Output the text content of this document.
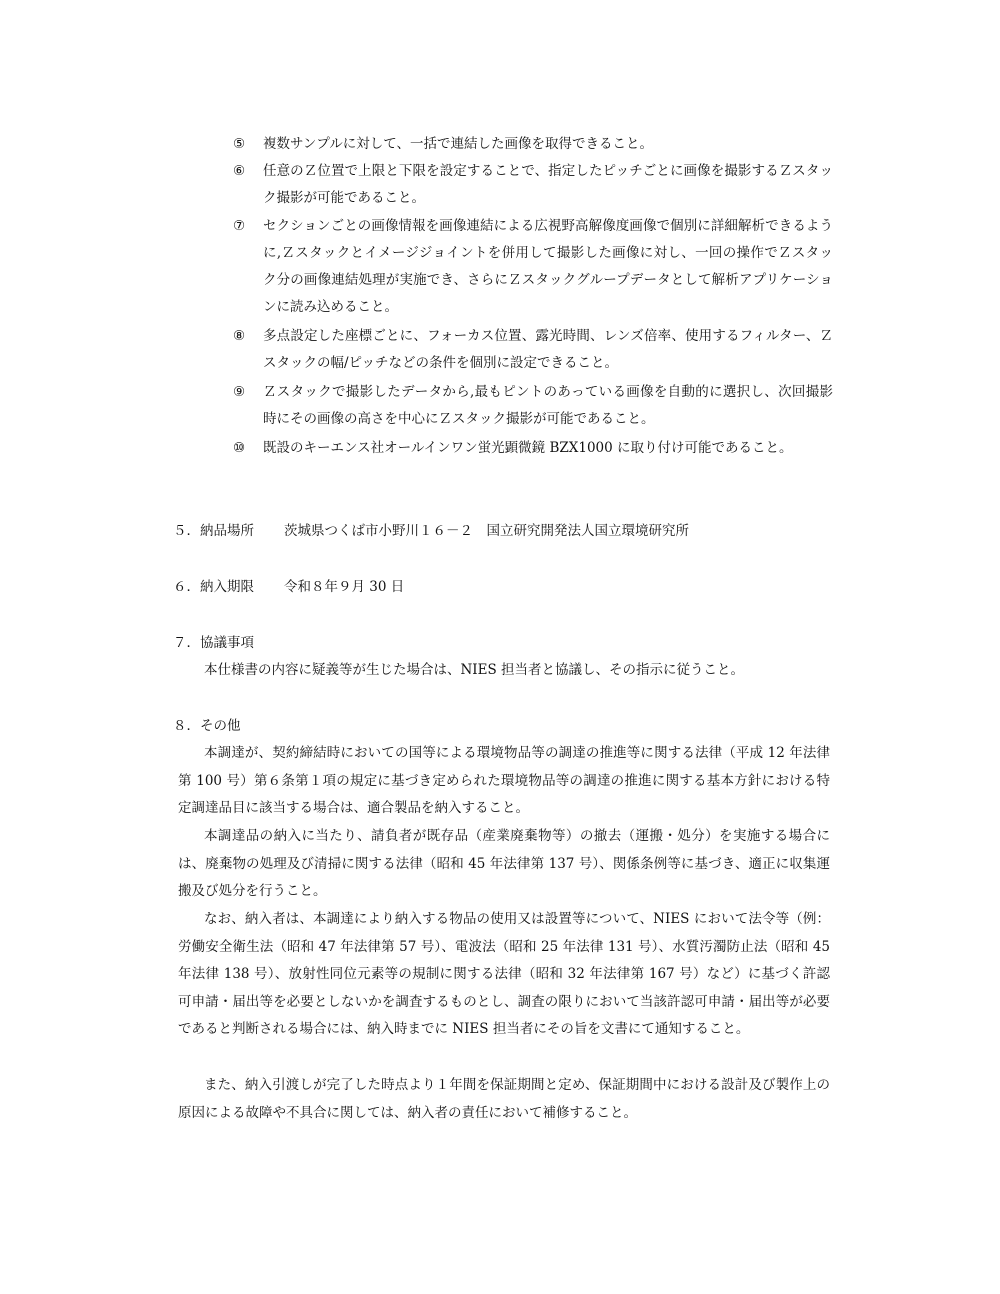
⑤	複数サンプルに対して、一括で連結した画像を取得できること。
⑥	任意のＺ位置で上限と下限を設定することで、指定したピッチごとに画像を撮影するＺスタック撮影が可能であること。
⑦	セクションごとの画像情報を画像連結による広視野高解像度画像で個別に詳細解析できるように,Ｚスタックとイメージジョイントを併用して撮影した画像に対し、一回の操作でＺスタック分の画像連結処理が実施でき、さらにＺスタックグループデータとして解析アプリケーションに読み込めること。
⑧	多点設定した座標ごとに、フォーカス位置、露光時間、レンズ倍率、使用するフィルター、Ｚスタックの幅/ピッチなどの条件を個別に設定できること。
⑨	Ｚスタックで撮影したデータから,最もピントのあっている画像を自動的に選択し、次回撮影時にその画像の高さを中心にＺスタック撮影が可能であること。
⑩	既設のキーエンス社オールインワン蛍光顕微鏡 BZX1000 に取り付け可能であること。
５．納品場所 茨城県つくば市小野川１６－２　国立研究開発法人国立環境研究所
６．納入期限 令和８年９月 30 日
７．協議事項
本仕様書の内容に疑義等が生じた場合は、NIES 担当者と協議し、その指示に従うこと。
８．その他
本調達が、契約締結時においての国等による環境物品等の調達の推進等に関する法律（平成 12 年法律第 100 号）第６条第１項の規定に基づき定められた環境物品等の調達の推進に関する基本方針における特定調達品目に該当する場合は、適合製品を納入すること。
本調達品の納入に当たり、請負者が既存品（産業廃棄物等）の撤去（運搬・処分）を実施する場合には、廃棄物の処理及び清掃に関する法律（昭和 45 年法律第 137 号）、関係条例等に基づき、適正に収集運搬及び処分を行うこと。
なお、納入者は、本調達により納入する物品の使用又は設置等について、NIES において法令等（例：労働安全衛生法（昭和 47 年法律第 57 号）、電波法（昭和 25 年法律 131 号）、水質汚濁防止法（昭和 45 年法律 138 号）、放射性同位元素等の規制に関する法律（昭和 32 年法律第 167 号）など）に基づく許認可申請・届出等を必要としないかを調査するものとし、調査の限りにおいて当該許認可申請・届出等が必要であると判断される場合には、納入時までに NIES 担当者にその旨を文書にて通知すること。
また、納入引渡しが完了した時点より１年間を保証期間と定め、保証期間中における設計及び製作上の原因による故障や不具合に関しては、納入者の責任において補修すること。
